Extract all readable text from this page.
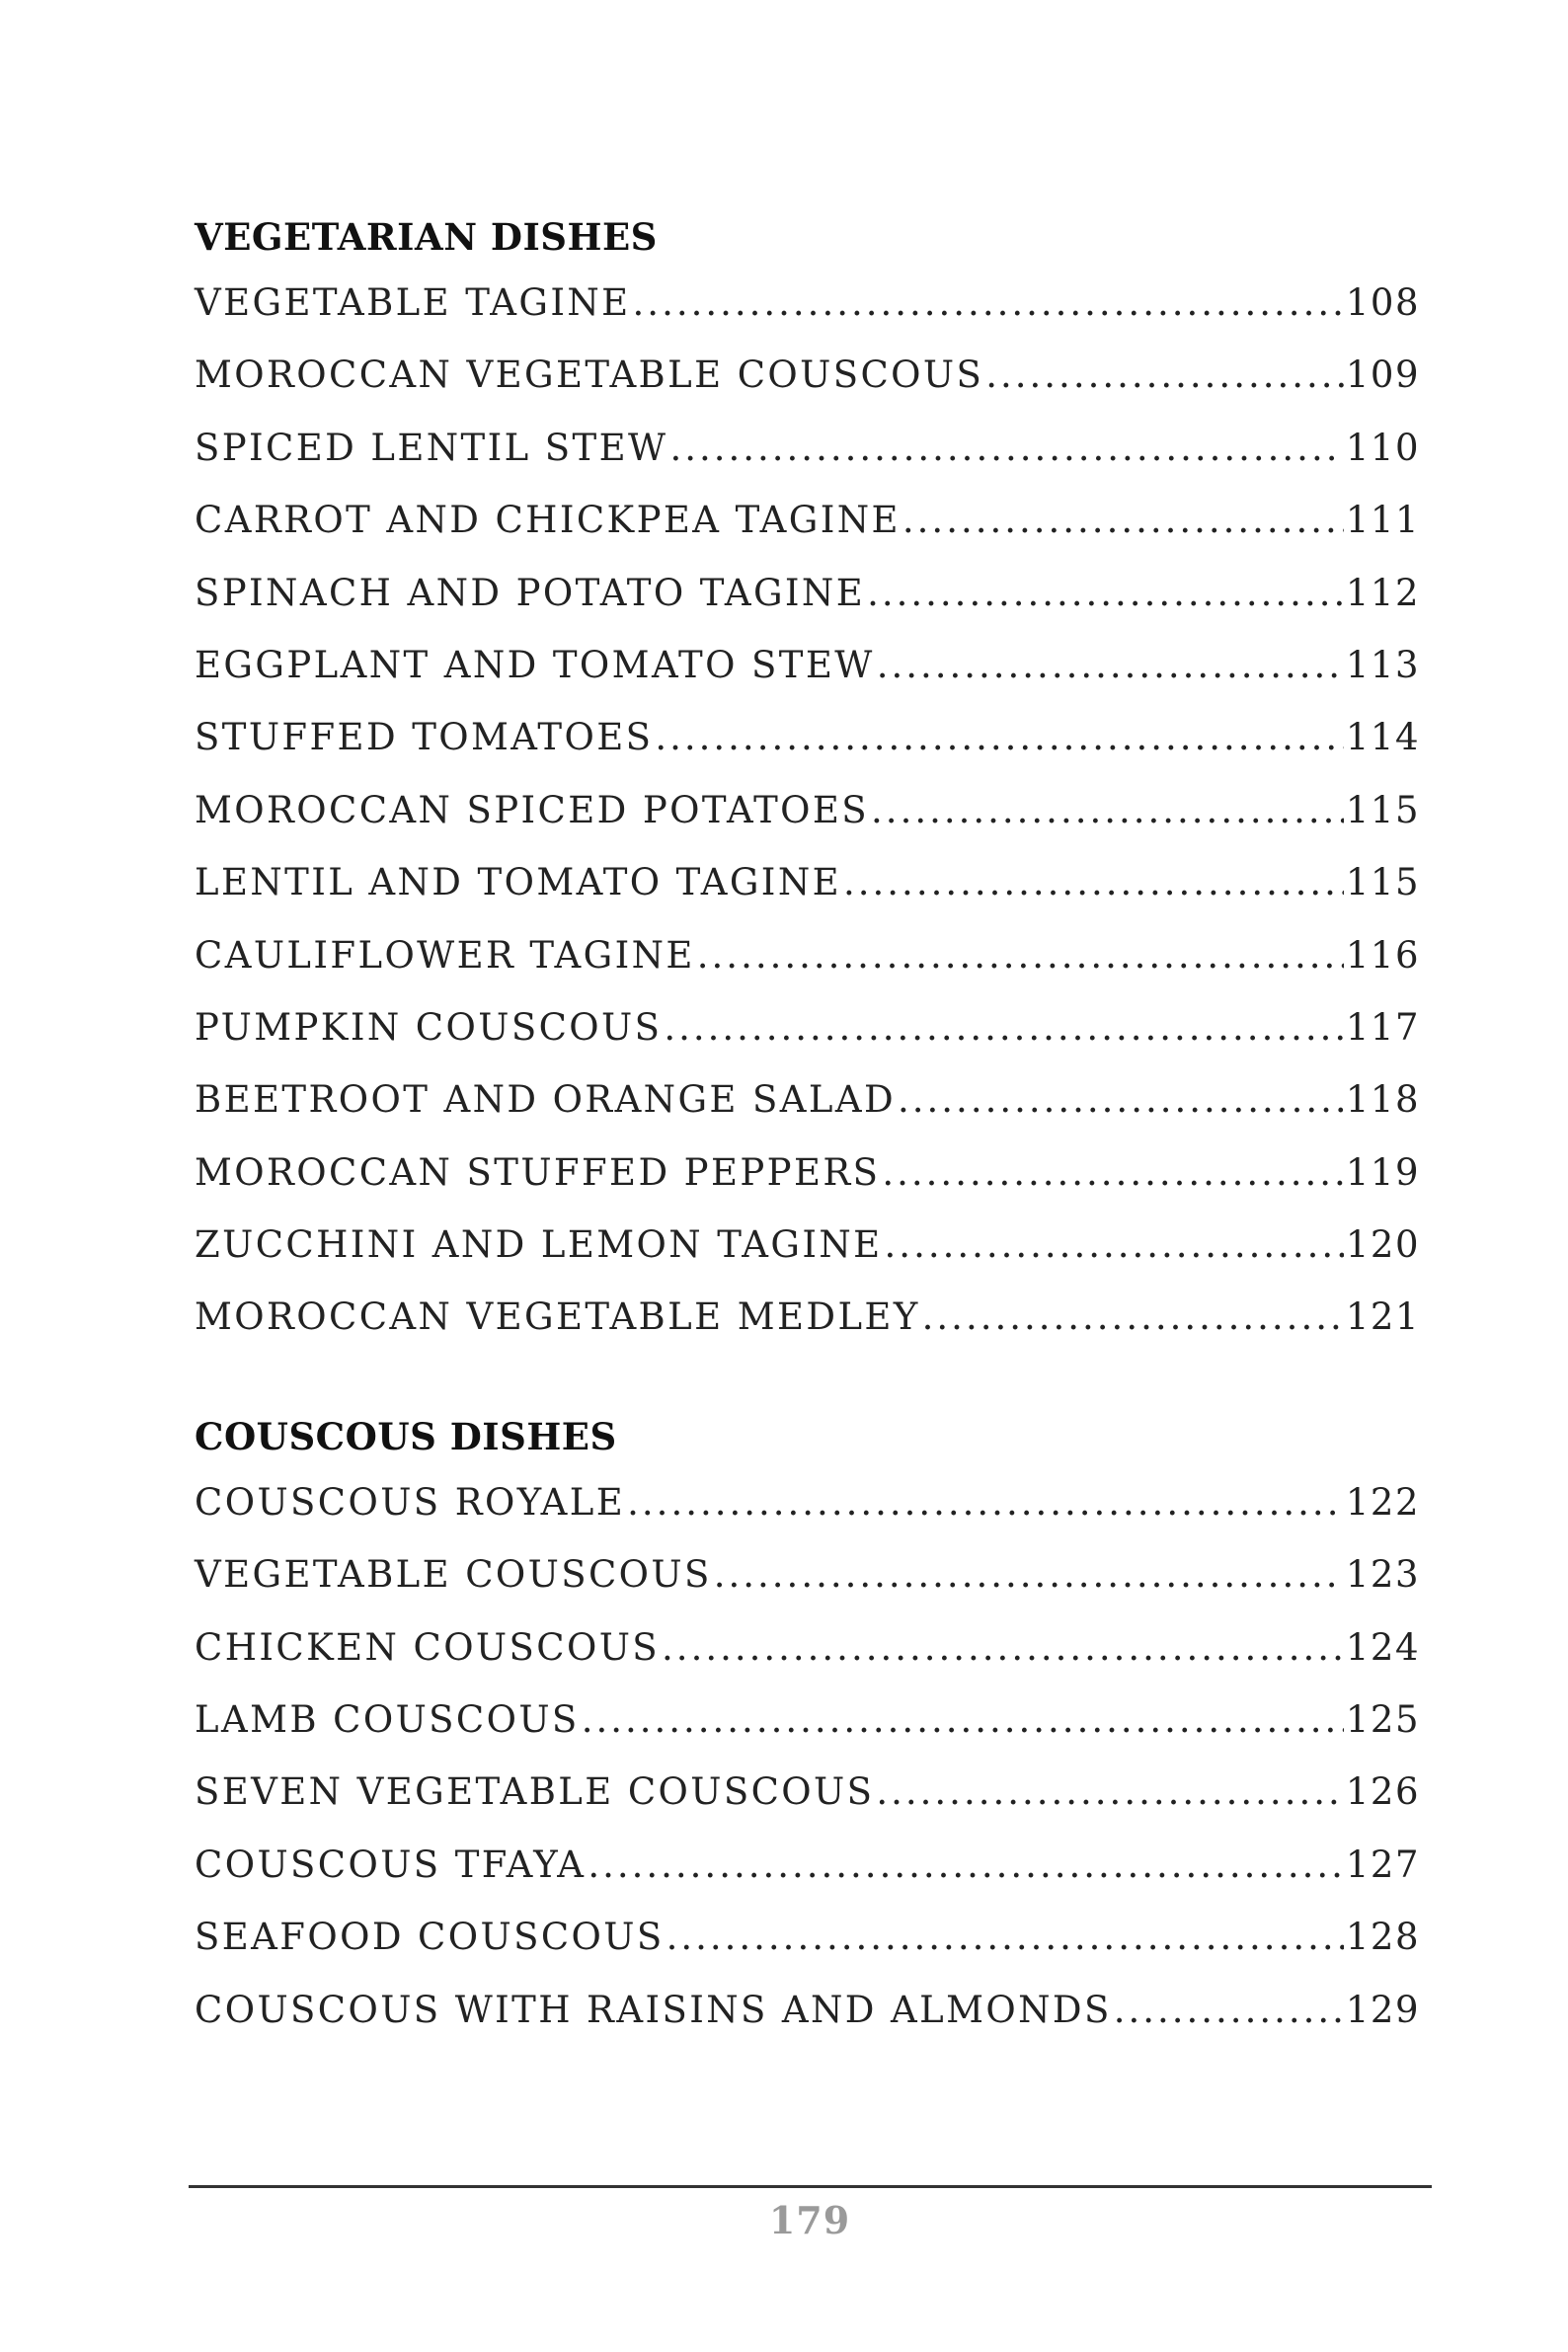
VEGETARIAN DISHES
VEGETABLE TAGINE .....	108
MOROCCAN VEGETABLE COUSCOUS .....	109
SPICED LENTIL STEW .....	110
CARROT AND CHICKPEA TAGINE .....	111
SPINACH AND POTATO TAGINE .....	112
EGGPLANT AND TOMATO STEW .....	113
STUFFED TOMATOES .....	114
MOROCCAN SPICED POTATOES .....	115
LENTIL AND TOMATO TAGINE .....	115
CAULIFLOWER TAGINE .....	116
PUMPKIN COUSCOUS .....	117
BEETROOT AND ORANGE SALAD .....	118
MOROCCAN STUFFED PEPPERS .....	119
ZUCCHINI AND LEMON TAGINE .....	120
MOROCCAN VEGETABLE MEDLEY .....	121
COUSCOUS DISHES
COUSCOUS ROYALE .....	122
VEGETABLE COUSCOUS .....	123
CHICKEN COUSCOUS .....	124
LAMB COUSCOUS .....	125
SEVEN VEGETABLE COUSCOUS .....	126
COUSCOUS TFAYA .....	127
SEAFOOD COUSCOUS .....	128
COUSCOUS WITH RAISINS AND ALMONDS .....	129
179
